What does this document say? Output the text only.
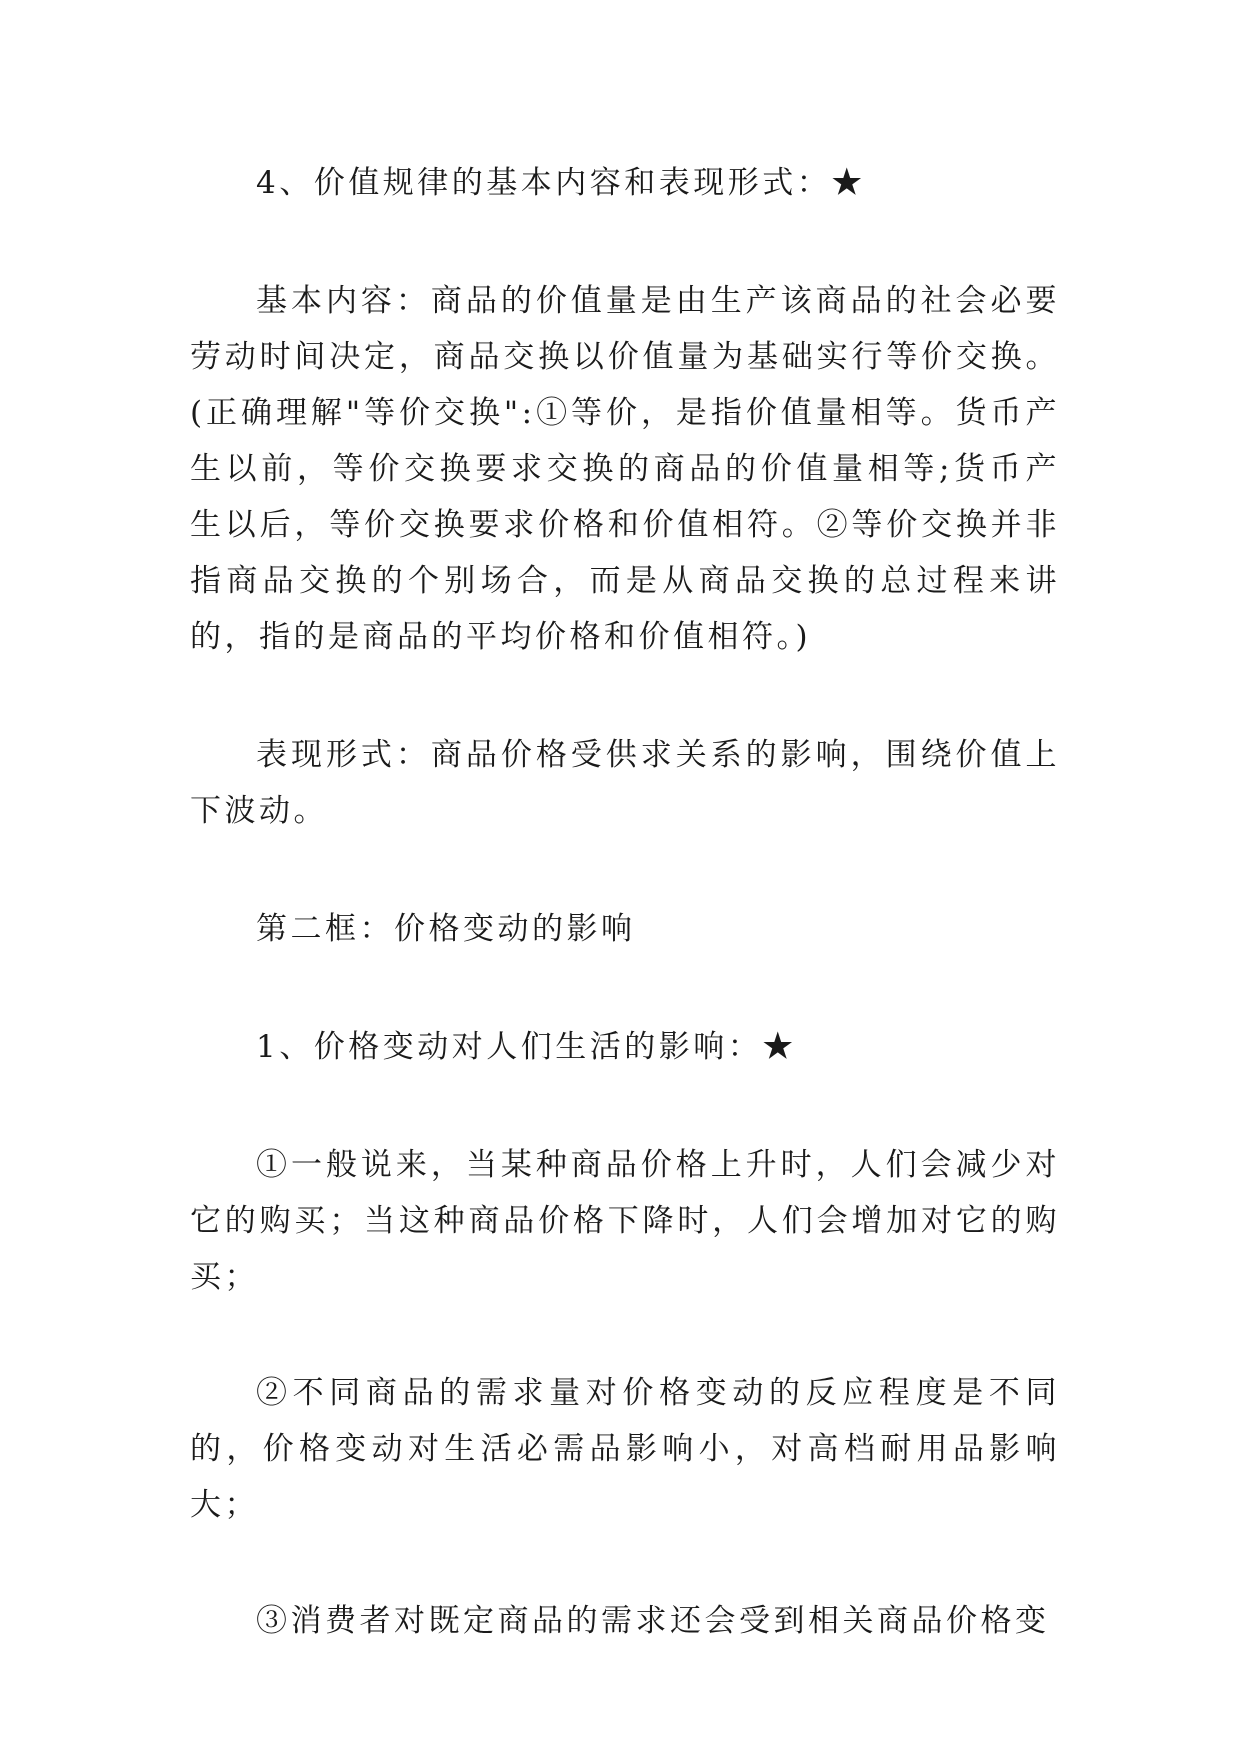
4、价值规律的基本内容和表现形式：★

基本内容：商品的价值量是由生产该商品的社会必要劳动时间决定，商品交换以价值量为基础实行等价交换。(正确理解"等价交换":①等价，是指价值量相等。货币产生以前，等价交换要求交换的商品的价值量相等;货币产生以后，等价交换要求价格和价值相符。②等价交换并非指商品交换的个别场合，而是从商品交换的总过程来讲的，指的是商品的平均价格和价值相符。)

表现形式：商品价格受供求关系的影响，围绕价值上下波动。

第二框：价格变动的影响

1、价格变动对人们生活的影响：★

①一般说来，当某种商品价格上升时，人们会减少对它的购买；当这种商品价格下降时，人们会增加对它的购买；

②不同商品的需求量对价格变动的反应程度是不同的，价格变动对生活必需品影响小，对高档耐用品影响大；

③消费者对既定商品的需求还会受到相关商品价格变
